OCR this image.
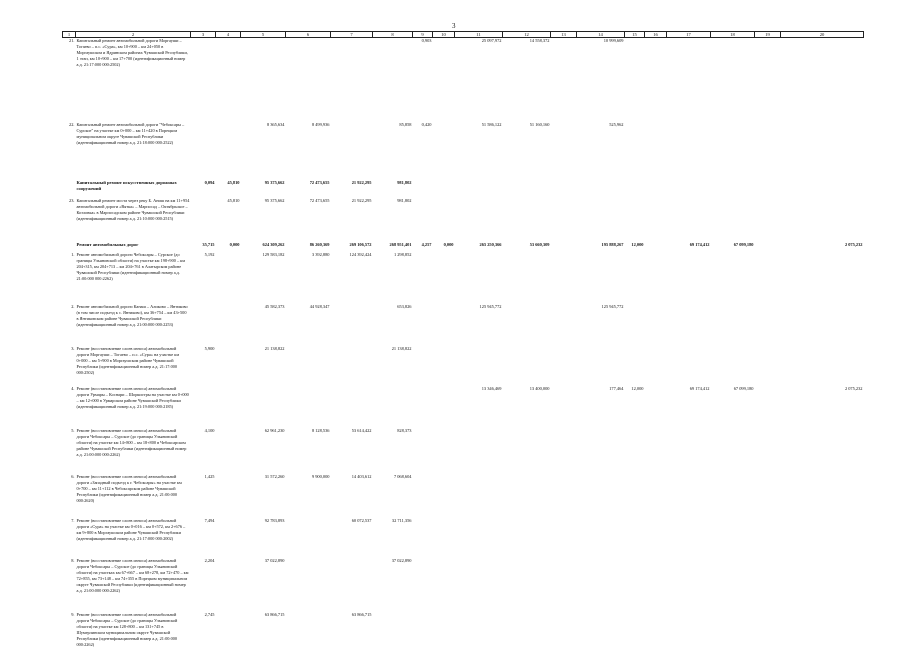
3
1	2	3	4	5	6	7	8	9	10	11	12	13	14	15	16	17	18	19	20
21.	Капитальный ремонт автомобильной дороги Моргауши – Тогаево – п.с. «Сура», км 10+900 – км 24+050 в Моргаушском и Ядринском районах Чувашской Республики, 1 этап, км 10+900 – км 17+700 (идентификационный номер а.д. 21:17:000 000:2502)							0,903		25 097,972	14 558,372		10 999,609						
22.	Капитальный ремонт автомобильной дороги "Чебоксары – Сурское" на участке км 0+000 – км 11+420 в Порецком муниципальном округе Чувашской Республики (идентификационный номер а.д. 21:18:000 000:2522)			8 365,634	8 499,936		85,858	0,420		51 586,122	51 160,160		525,962						
	Капитальный ремонт искусственных дорожных сооружений	0,094	45,810	95 375,662	72 473,655	21 922,295	981,802												
23.	Капитальный ремонт моста через реку Б. Аниш на км 11+954 автомобильной дороги «Вятка» – Марпосад – Октябрьское – Козловка» в Марпосадском районе Чувашской Республики (идентификационный номер а.д. 21:10:000 000:2515)		45,810	95 375,662	72 473,655	21 922,295	981,802												
	Ремонт автомобильных дорог	35,715	0,000	624 309,262	86 260,369	269 106,572	268 951,401	4,257	0,000	265 250,366	53 660,309		195 888,267	12,000		69 174,412	67 099,180		2 075,232
1.	Ремонт автомобильной дороги Чебоксары – Сурское (до границы Ульяновской области) на участке км 198+900 – км 204+315, км 204+713 – км 204+761 в Алатырском районе Чувашской Республики (идентификационный номер а.д. 21:00:000 000:2262)	5,192		129 583,182	3 392,880	124 392,424	1 298,852												
2.	Ремонт автомобильной дороги Канаш – Аликово – Янтиково (в том числе подъезд к с. Янтиково), км 36+754 – км 43+500 в Янтиковском районе Чувашской Республики (идентификационный номер а.д. 21:00:000 000:2253)			45 582,373	44 928,347		653,826			125 945,772			125 945,772						
3.	Ремонт (восстановление слоев износа) автомобильной дороги Моргауши – Тогаево – п.с. «Сура» на участке км 0+000 – км 5+900 в Моргаушском районе Чувашской Республики (идентификационный номер а.д. 21:17:000 000:2502)	5,900		21 138,822			21 138,822												
4.	Ремонт (восстановление слоев износа) автомобильной дороги Урмары – Коснари – Шоркистры на участке км 0+000 – км 12+000 в Урмарском районе Чувашской Республики (идентификационный номер а.д. 21:19:000 000:2185)									13 346,469	13 400,000		177,464	12,000		69 174,412	67 099,180		2 075,232
5.	Ремонт (восстановление слоев износа) автомобильной дороги Чебоксары – Сурское (до границы Ульяновской области) на участке км 14+800 – км 18+800 в Чебоксарском районе Чувашской Республики (идентификационный номер а.д. 21:00:000 000:2262)	4,100		62 961,230	8 128,536	53 614,422	828,373												
6.	Ремонт (восстановление слоев износа) автомобильной дороги «Западный подъезд к г. Чебоксары» на участке км 0+700 – км 11+112 в Чебоксарском районе Чувашской Республики (идентификационный номер а.д. 21:00:000 000:2620)	1,425		31 572,260	9 900,000	14 403,612	7 068,604												
7.	Ремонт (восстановление слоев износа) автомобильной дороги «Сура» на участке км 0+016 – км 0+572, км 2+676 – км 9+800 в Моргаушском районе Чувашской Республики (идентификационный номер а.д. 21:17:000 000:2002)	7,494		92 783,893		60 072,537	32 711,356												
8.	Ремонт (восстановление слоев износа) автомобильной дороги Чебоксары – Сурское (до границы Ульяновской области) на участках км 67+667 – км 68+278, км 72+470 – км 72+855, км 73+148 – км 74+355 в Порецком муниципальном округе Чувашской Республики (идентификационный номер а.д. 21:00:000 000:2262)	2,204		37 022,890			37 022,890												
9.	Ремонт (восстановление слоев износа) автомобильной дороги Чебоксары – Сурское (до границы Ульяновской области) на участке км 128+800 – км 131+745 в Шумерлинском муниципальном округе Чувашской Республики (идентификационный номер а.д. 21:00:000 000:2262)	2,745		63 866,715		63 866,715													
